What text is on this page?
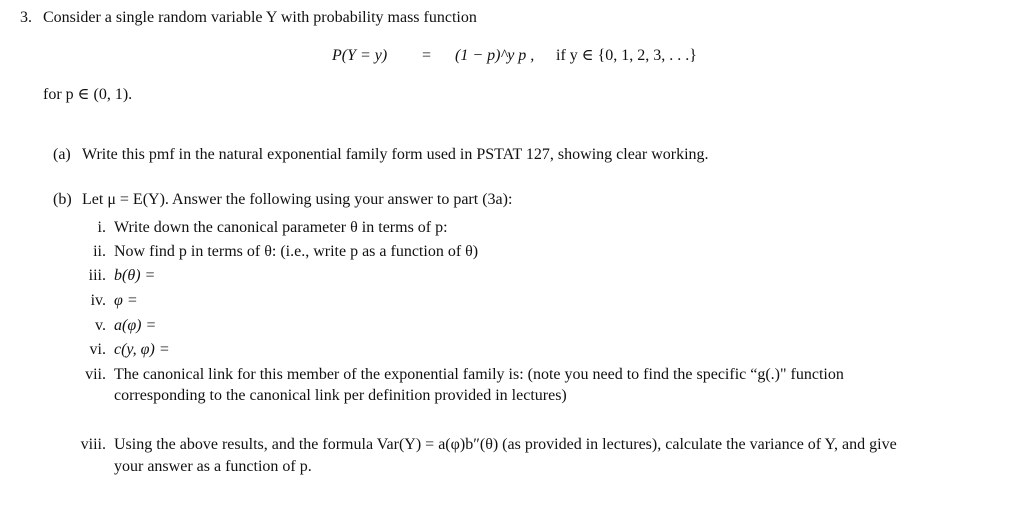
3. Consider a single random variable Y with probability mass function
P(Y = y) = (1 − p)^y p , if y ∈ {0, 1, 2, 3, . . .}
for p ∈ (0, 1).
(a) Write this pmf in the natural exponential family form used in PSTAT 127, showing clear working.
(b) Let μ = E(Y). Answer the following using your answer to part (3a):
i. Write down the canonical parameter θ in terms of p:
ii. Now find p in terms of θ: (i.e., write p as a function of θ)
iii. b(θ) =
iv. φ =
v. a(φ) =
vi. c(y, φ) =
vii. The canonical link for this member of the exponential family is: (note you need to find the specific “g(.)" function
corresponding to the canonical link per definition provided in lectures)
viii. Using the above results, and the formula Var(Y) = a(φ)b″(θ) (as provided in lectures), calculate the variance of Y, and give
your answer as a function of p.
